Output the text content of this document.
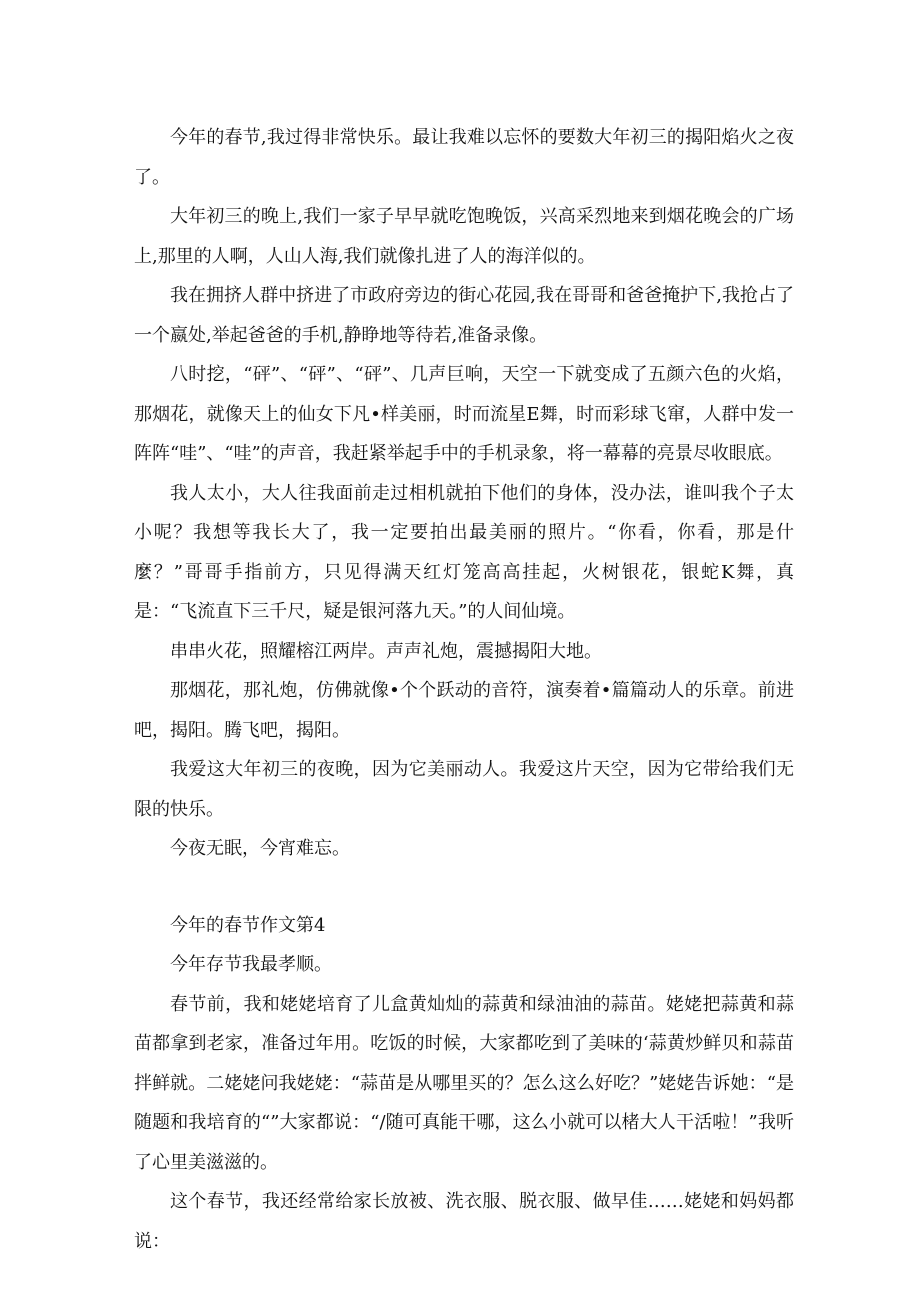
今年的春节,我过得非常快乐。最让我难以忘怀的要数大年初三的揭阳焰火之夜了。

大年初三的晚上,我们一家子早早就吃饱晚饭，兴高采烈地来到烟花晚会的广场上,那里的人啊，人山人海,我们就像扎进了人的海洋似的。

我在拥挤人群中挤进了市政府旁边的街心花园,我在哥哥和爸爸掩护下,我抢占了一个嬴处,举起爸爸的手机,静睁地等待若,准备录像。

八时挖，“砰”、“砰”、“砰”、几声巨响，天空一下就变成了五颜六色的火焰，那烟花，就像天上的仙女下凡•样美丽，时而流星E舞，时而彩球飞窜，人群中发一阵阵“哇”、“哇”的声音，我赶紧举起手中的手机录象，将一幕幕的亮景尽收眼底。

我人太小，大人往我面前走过相机就拍下他们的身体，没办法，谁叫我个子太小呢？我想等我长大了，我一定要拍出最美丽的照片。“你看，你看，那是什麼？”哥哥手指前方，只见得满天红灯笼高高挂起，火树银花，银蛇K舞，真是：“飞流直下三千尺，疑是银河落九天。”的人间仙境。

串串火花，照耀榕江两岸。声声礼炮，震撼揭阳大地。

那烟花，那礼炮，仿佛就像•个个跃动的音符，演奏着•篇篇动人的乐章。前进吧，揭阳。腾飞吧，揭阳。

我爱这大年初三的夜晚，因为它美丽动人。我爱这片天空，因为它带给我们无限的快乐。

今夜无眠，今宵难忘。

今年的春节作文第4

今年存节我最孝顺。

春节前，我和姥姥培育了儿盒黄灿灿的蒜黄和绿油油的蒜苗。姥姥把蒜黄和蒜苗都拿到老家，准备过年用。吃饭的时候，大家都吃到了美味的‘蒜黄炒鲜贝和蒜苗拌鲜就。二姥姥问我姥姥：“蒜苗是从哪里买的？怎么这么好吃？”姥姥告诉她：“是随题和我培育的“”大家都说：“/随可真能干哪，这么小就可以楮大人干活啦！”我听了心里美滋滋的。

这个春节，我还经常给家长放被、洗衣服、脱衣服、做早佳……姥姥和妈妈都说：
